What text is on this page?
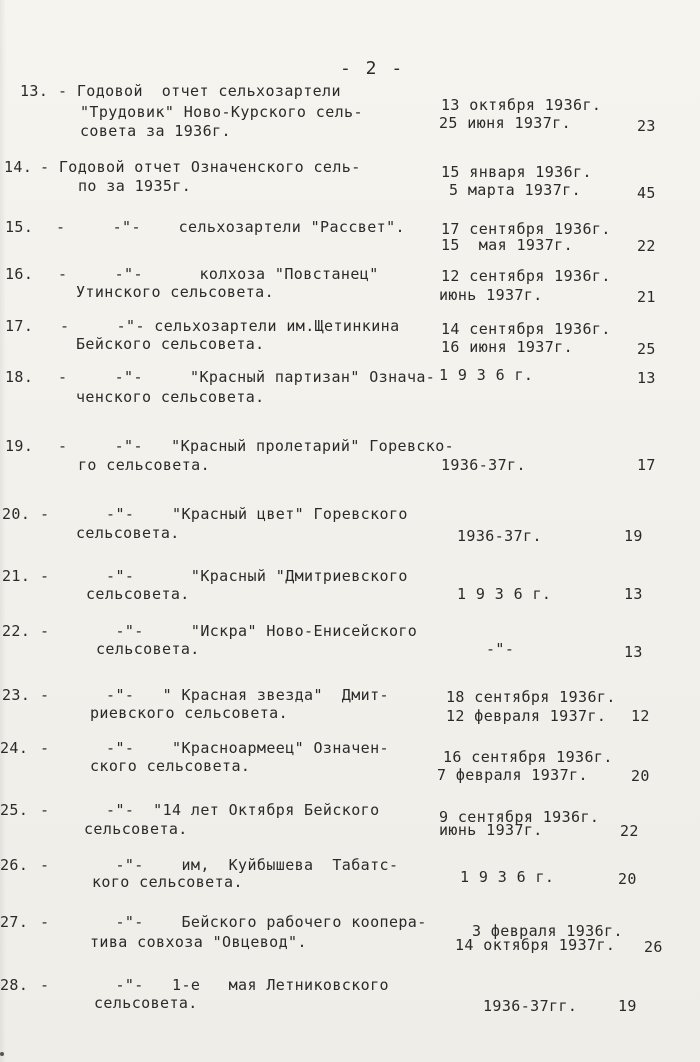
- 2 -
13. - Годовой  отчет сельхозартели
"Трудовик" Ново-Курского сель-
совета за 1936г.
13 октября 1936г.
25 июня 1937г.	23
14. - Годовой отчет Означенского сель-
по за 1935г.
15 января 1936г.
5 марта 1937г.	45
15. -     -"-    сельхозартели "Рассвет". 17 сентября 1936г.
15  мая 1937г.	22
16. -     -"-      колхоза "Повстанец"
Утинского сельсовета.
12 сентября 1936г.
июнь 1937г.	21
17. -     -"- сельхозартели им.Щетинкина
Бейского сельсовета.
14 сентября 1936г.
16 июня 1937г.	25
18. -     -"-     "Красный партизан" Означа-
ченского сельсовета.
1 9 3 6 г.	13
19. -     -"-   "Красный пролетарий" Горевско-
го сельсовета.	1936-37г.	17
20. -      -"-    "Красный цвет" Горевского
сельсовета.	1936-37г.	19
21. -      -"-      "Красный "Дмитриевского
сельсовета.	1 9 3 6 г.	13
22. -       -"-     "Искра" Ново-Енисейского
сельсовета.	-"-	13
23. -      -"-   " Красная звезда"  Дмит-
риевского сельсовета.
18 сентября 1936г.
12 февраля 1937г. 12
24. -      -"-    "Красноармеец" Означен-
ского сельсовета.	16 сентября 1936г.
7 февраля 1937г.	20
25. -      -"-  "14 лет Октября Бейского
сельсовета.
9 сентября 1936г.
июнь 1937г.	22
26. -       -"-    им,  Куйбышева  Табатс-
кого сельсовета.	1 9 3 6 г.	20
27. -       -"-    Бейского рабочего коопера-
тива совхоза "Овцевод".
3 февраля 1936г.
14 октября 1937г. 26
28. -       -"-   1-е   мая Летниковского
сельсовета.	1936-37гг.	19
